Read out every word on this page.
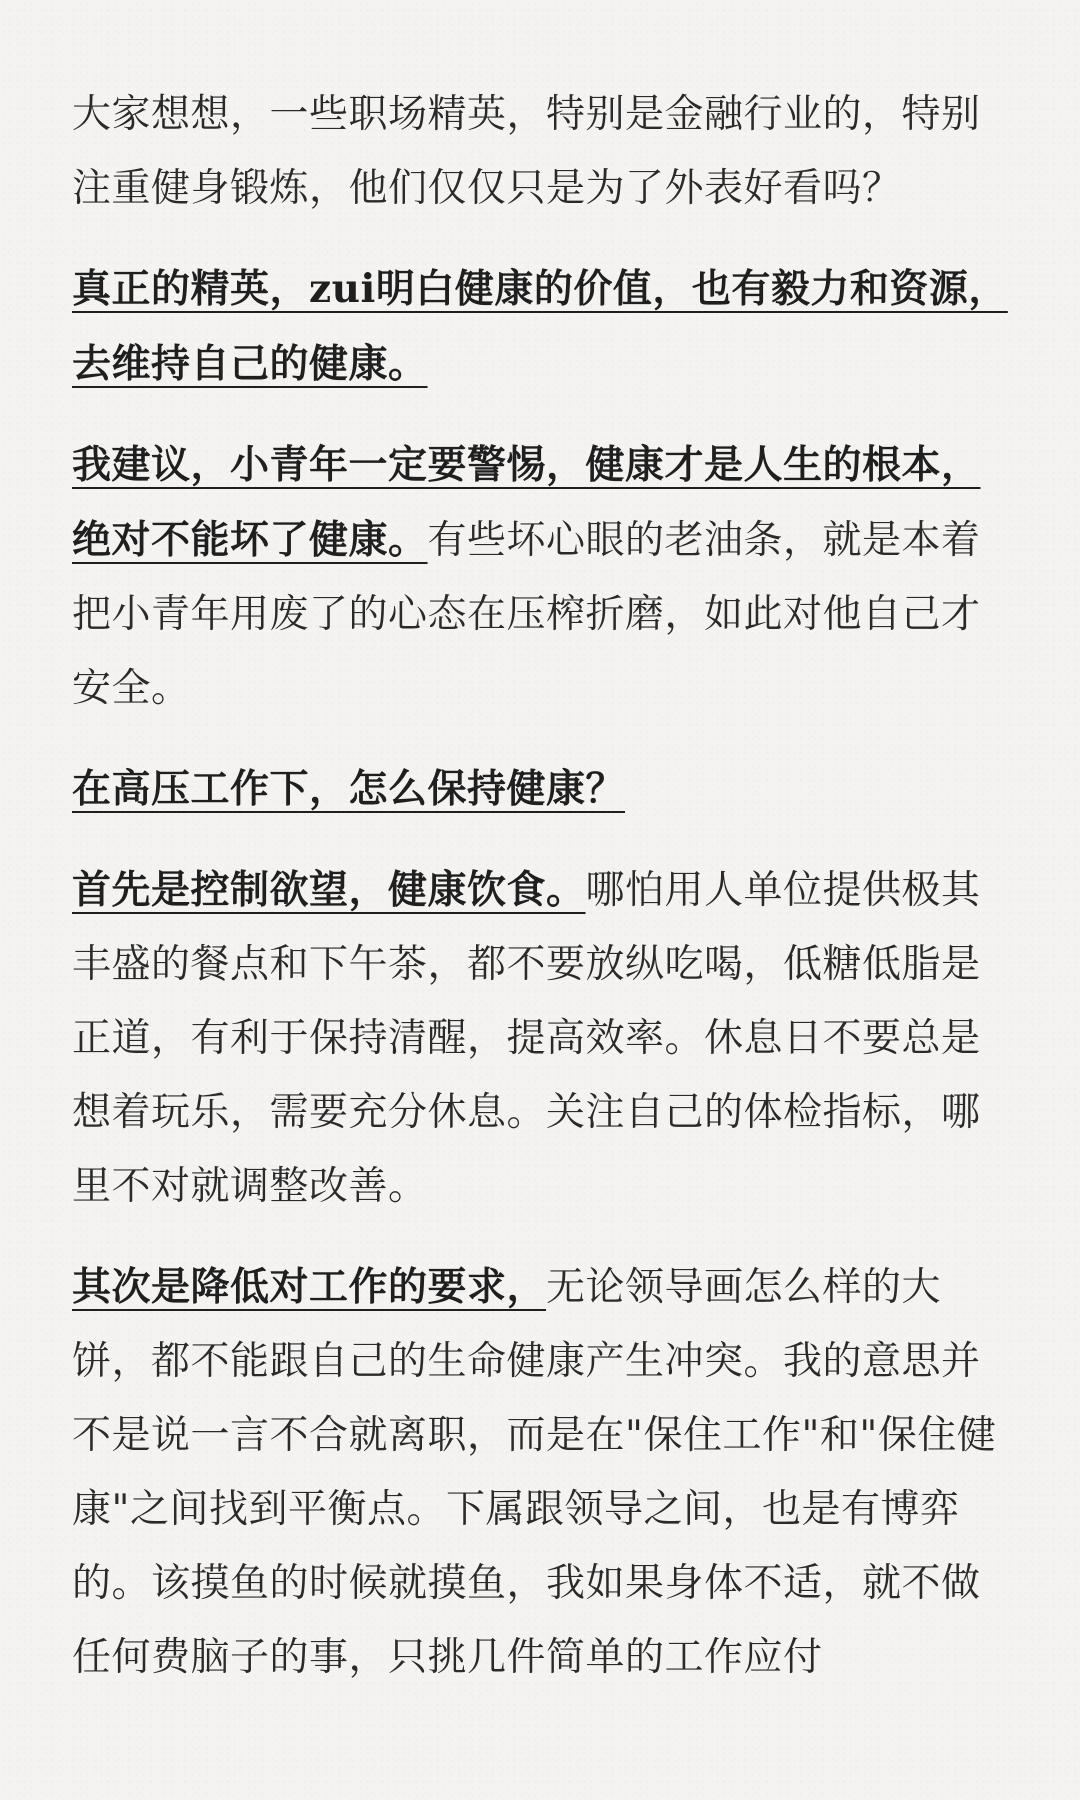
大家想想，一些职场精英，特别是金融行业的，特别注重健身锻炼，他们仅仅只是为了外表好看吗？

真正的精英，zui明白健康的价值，也有毅力和资源，去维持自己的健康。

我建议，小青年一定要警惕，健康才是人生的根本，绝对不能坏了健康。有些坏心眼的老油条，就是本着把小青年用废了的心态在压榨折磨，如此对他自己才安全。

在高压工作下，怎么保持健康？

首先是控制欲望，健康饮食。哪怕用人单位提供极其丰盛的餐点和下午茶，都不要放纵吃喝，低糖低脂是正道，有利于保持清醒，提高效率。休息日不要总是想着玩乐，需要充分休息。关注自己的体检指标，哪里不对就调整改善。

其次是降低对工作的要求，无论领导画怎么样的大饼，都不能跟自己的生命健康产生冲突。我的意思并不是说一言不合就离职，而是在"保住工作"和"保住健康"之间找到平衡点。下属跟领导之间，也是有博弈的。该摸鱼的时候就摸鱼，我如果身体不适，就不做任何费脑子的事，只挑几件简单的工作应付
